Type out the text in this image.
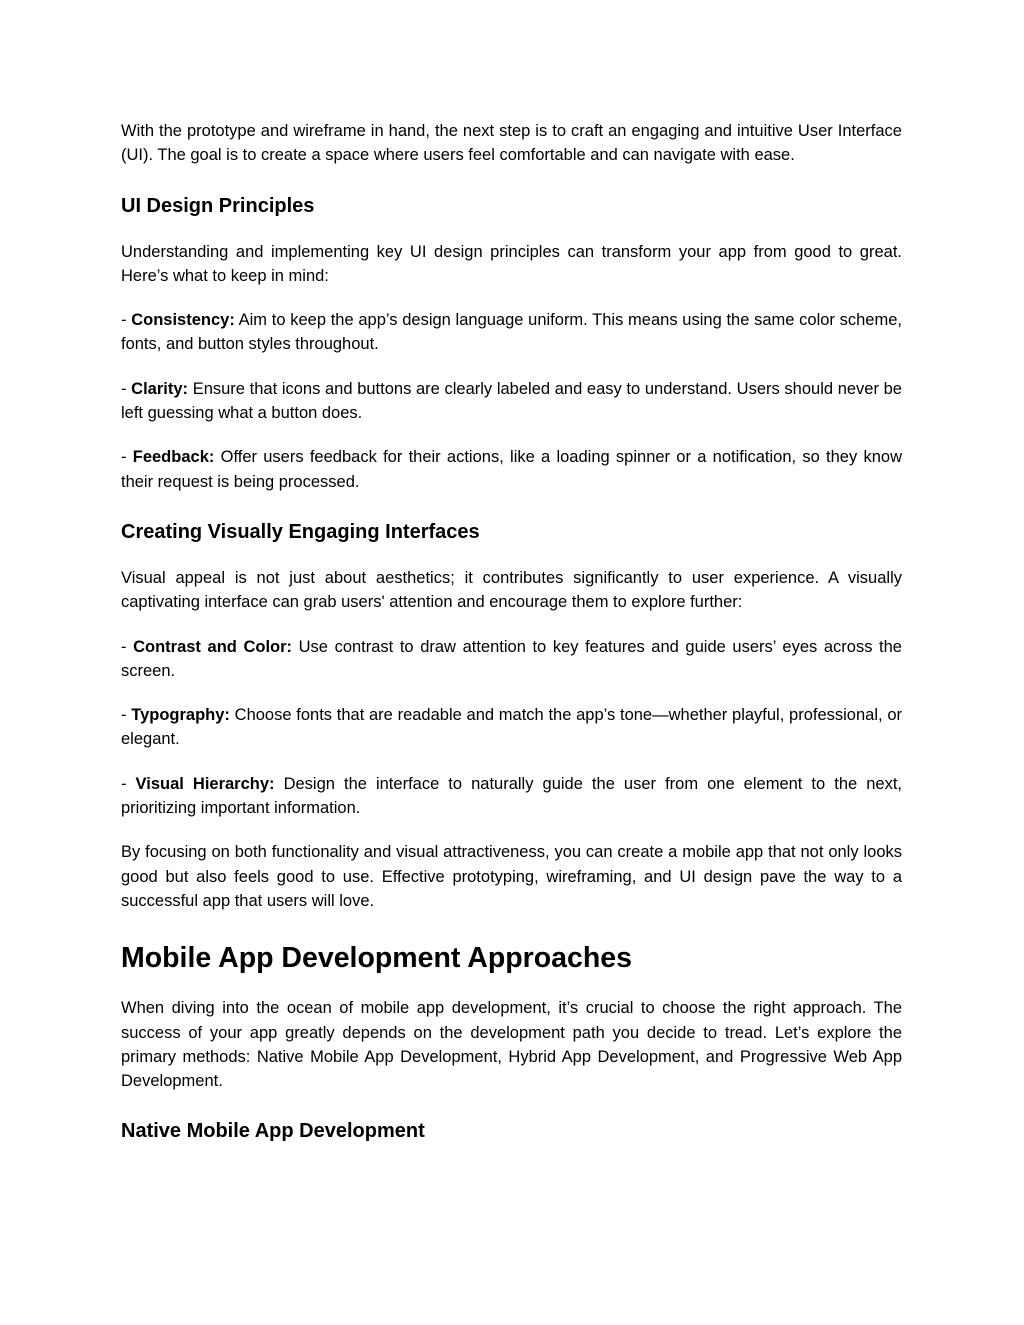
With the prototype and wireframe in hand, the next step is to craft an engaging and intuitive User Interface (UI). The goal is to create a space where users feel comfortable and can navigate with ease.

UI Design Principles

Understanding and implementing key UI design principles can transform your app from good to great. Here’s what to keep in mind:

- Consistency: Aim to keep the app’s design language uniform. This means using the same color scheme, fonts, and button styles throughout.

- Clarity: Ensure that icons and buttons are clearly labeled and easy to understand. Users should never be left guessing what a button does.

- Feedback: Offer users feedback for their actions, like a loading spinner or a notification, so they know their request is being processed.

Creating Visually Engaging Interfaces

Visual appeal is not just about aesthetics; it contributes significantly to user experience. A visually captivating interface can grab users' attention and encourage them to explore further:

- Contrast and Color: Use contrast to draw attention to key features and guide users’ eyes across the screen.

- Typography: Choose fonts that are readable and match the app’s tone—whether playful, professional, or elegant.

- Visual Hierarchy: Design the interface to naturally guide the user from one element to the next, prioritizing important information.

By focusing on both functionality and visual attractiveness, you can create a mobile app that not only looks good but also feels good to use. Effective prototyping, wireframing, and UI design pave the way to a successful app that users will love.

Mobile App Development Approaches

When diving into the ocean of mobile app development, it’s crucial to choose the right approach. The success of your app greatly depends on the development path you decide to tread. Let’s explore the primary methods: Native Mobile App Development, Hybrid App Development, and Progressive Web App Development.

Native Mobile App Development
